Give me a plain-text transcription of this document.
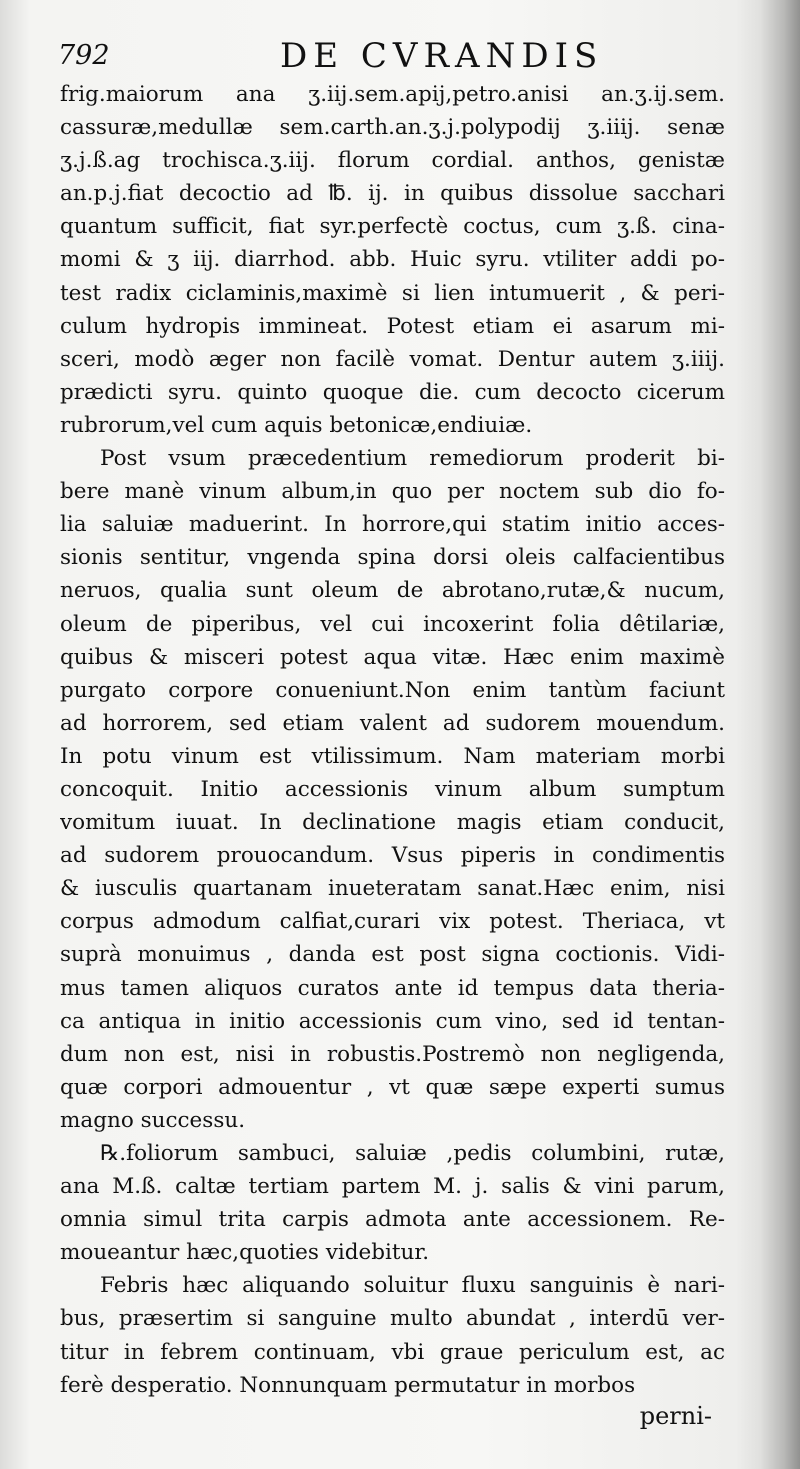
792	DE CVRANDIS

frig.maiorum ana ʒ.iij.sem.apij,petro.anisi an.ʒ.ij.sem.
cassuræ,medullæ sem.carth.an.ʒ.j.polypodij ʒ.iiij. senæ
ʒ.j.ß.ag trochisca.ʒ.iij. florum cordial. anthos, genistæ
an.p.j.fiat decoctio ad ℔. ij. in quibus dissolue sacchari
quantum sufficit, fiat syr.perfectè coctus, cum ʒ.ß. cina-
momi & ʒ iij. diarrhod. abb. Huic syru. vtiliter addi po-
test radix ciclaminis,maximè si lien intumuerit , & peri-
culum hydropis immineat. Potest etiam ei asarum mi-
sceri, modò æger non facilè vomat. Dentur autem ʒ.iiij.
prædicti syru. quinto quoque die. cum decocto cicerum
rubrorum,vel cum aquis betonicæ,endiuiæ.

Post vsum præcedentium remediorum proderit bi-
bere manè vinum album,in quo per noctem sub dio fo-
lia saluiæ maduerint. In horrore,qui statim initio acces-
sionis sentitur, vngenda spina dorsi oleis calfacientibus
neruos, qualia sunt oleum de abrotano,rutæ,& nucum,
oleum de piperibus, vel cui incoxerint folia dêtilariæ,
quibus & misceri potest aqua vitæ. Hæc enim maximè
purgato corpore conueniunt.Non enim tantùm faciunt
ad horrorem, sed etiam valent ad sudorem mouendum.
In potu vinum est vtilissimum. Nam materiam morbi
concoquit. Initio accessionis vinum album sumptum
vomitum iuuat. In declinatione magis etiam conducit,
ad sudorem prouocandum. Vsus piperis in condimentis
& iusculis quartanam inueteratam sanat.Hæc enim, nisi
corpus admodum calfiat,curari vix potest. Theriaca, vt
suprà monuimus , danda est post signa coctionis. Vidi-
mus tamen aliquos curatos ante id tempus data theria-
ca antiqua in initio accessionis cum vino, sed id tentan-
dum non est, nisi in robustis.Postremò non negligenda,
quæ corpori admouentur , vt quæ sæpe experti sumus
magno successu.

℞.foliorum sambuci, saluiæ ,pedis columbini, rutæ,
ana M.ß. caltæ tertiam partem M. j. salis & vini parum,
omnia simul trita carpis admota ante accessionem. Re-
moueantur hæc,quoties videbitur.

Febris hæc aliquando soluitur fluxu sanguinis è nari-
bus, præsertim si sanguine multo abundat , interdū ver-
titur in febrem continuam, vbi graue periculum est, ac
ferè desperatio. Nonnunquam permutatur in morbos

perni-
